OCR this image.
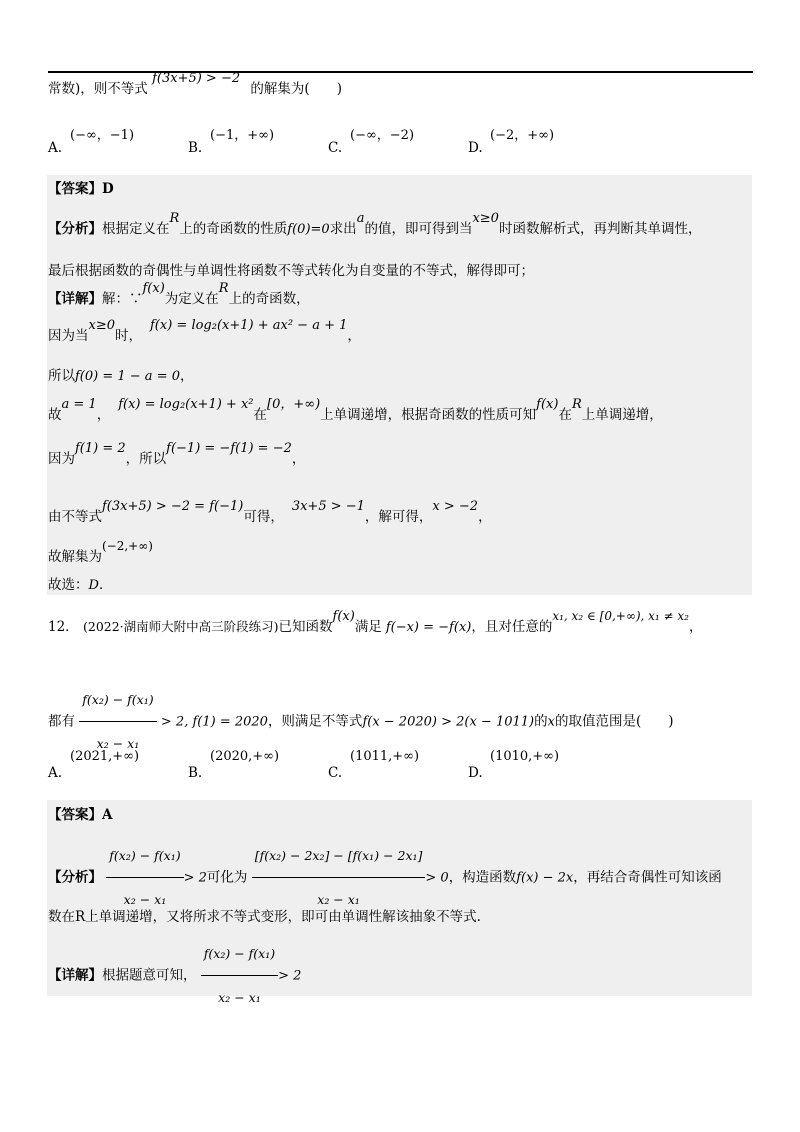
常数)，则不等式 f(3x+5) > −2 的解集为(　　)
A.
(−∞，−1)
B.
(−1，+∞)
C.
(−∞，−2)
D.
(−2，+∞)
【答案】D
【分析】根据定义在R上的奇函数的性质f(0)=0求出a的值，即可得到当x≥0时函数解析式，再判断其单调性，
最后根据函数的奇偶性与单调性将函数不等式转化为自变量的不等式，解得即可；
【详解】解：∵f(x)为定义在R上的奇函数，
因为当x≥0时，f(x) = log₂(x+1) + ax² − a + 1，
所以f(0) = 1 − a = 0，
故a = 1，f(x) = log₂(x+1) + x²在[0，+∞)上单调递增，根据奇函数的性质可知f(x)在R上单调递增，
因为f(1) = 2，所以f(−1) = −f(1) = −2，
由不等式f(3x+5) > −2 = f(−1)可得，3x+5 > −1，解可得，x > −2，
故解集为(−2,+∞)
故选：D．
12． (2022·湖南师大附中高三阶段练习)已知函数f(x)满足 f(−x) = −f(x)，且对任意的x₁, x₂ ∈ [0,+∞), x₁ ≠ x₂，
都有 $\frac{\text{f(x₂) − f(x₁)}}{\text{x₂ − x₁}} > 2$, f(1) = 2020，则满足不等式f(x − 2020) > 2(x − 1011)的x的取值范围是(　　)
A.
(2021,+∞)
B.
(2020,+∞)
C.
(1011,+∞)
D.
(1010,+∞)
【答案】A
【分析】 $\frac{\text{f(x₂) − f(x₁)}}{\text{x₂ − x₁}} > 2$可化为 $\frac{\text{[f(x₂) − 2x₂] − [f(x₁) − 2x₁]}}{\text{x₂ − x₁}} > 0$，构造函数f(x) − 2x，再结合奇偶性可知该函
数在R上单调递增，又将所求不等式变形，即可由单调性解该抽象不等式.
【详解】根据题意可知， $\frac{\text{f(x₂) − f(x₁)}}{\text{x₂ − x₁}} > 2$
